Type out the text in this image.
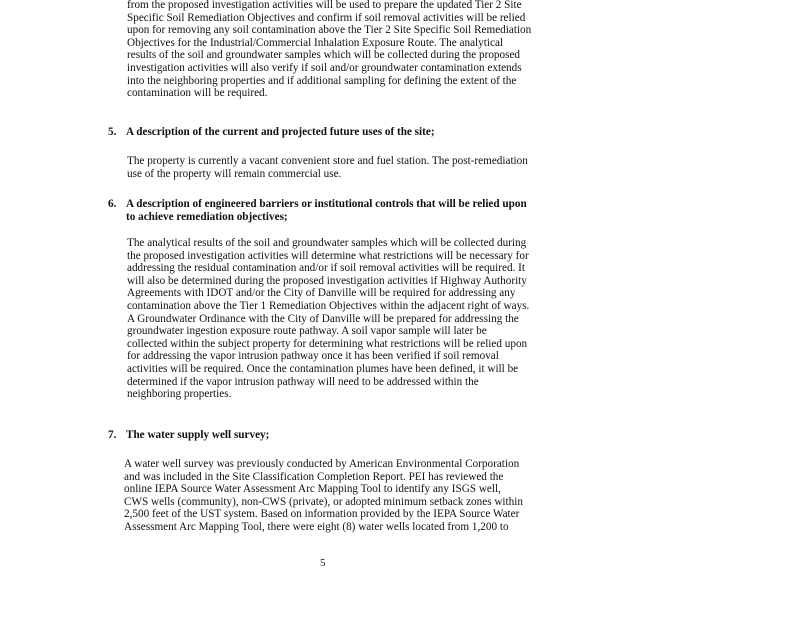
from the proposed investigation activities will be used to prepare the updated Tier 2 Site
Specific Soil Remediation Objectives and confirm if soil removal activities will be relied
upon for removing any soil contamination above the Tier 2 Site Specific Soil Remediation
Objectives for the Industrial/Commercial Inhalation Exposure Route. The analytical
results of the soil and groundwater samples which will be collected during the proposed
investigation activities will also verify if soil and/or groundwater contamination extends
into the neighboring properties and if additional sampling for defining the extent of the
contamination will be required.
5. A description of the current and projected future uses of the site;
The property is currently a vacant convenient store and fuel station. The post-remediation
use of the property will remain commercial use.
6. A description of engineered barriers or institutional controls that will be relied upon
to achieve remediation objectives;
The analytical results of the soil and groundwater samples which will be collected during
the proposed investigation activities will determine what restrictions will be necessary for
addressing the residual contamination and/or if soil removal activities will be required. It
will also be determined during the proposed investigation activities if Highway Authority
Agreements with IDOT and/or the City of Danville will be required for addressing any
contamination above the Tier 1 Remediation Objectives within the adjacent right of ways.
A Groundwater Ordinance with the City of Danville will be prepared for addressing the
groundwater ingestion exposure route pathway. A soil vapor sample will later be
collected within the subject property for determining what restrictions will be relied upon
for addressing the vapor intrusion pathway once it has been verified if soil removal
activities will be required. Once the contamination plumes have been defined, it will be
determined if the vapor intrusion pathway will need to be addressed within the
neighboring properties.
7. The water supply well survey;
A water well survey was previously conducted by American Environmental Corporation
and was included in the Site Classification Completion Report. PEI has reviewed the
online IEPA Source Water Assessment Arc Mapping Tool to identify any ISGS well,
CWS wells (community), non-CWS (private), or adopted minimum setback zones within
2,500 feet of the UST system. Based on information provided by the IEPA Source Water
Assessment Arc Mapping Tool, there were eight (8) water wells located from 1,200 to
5
